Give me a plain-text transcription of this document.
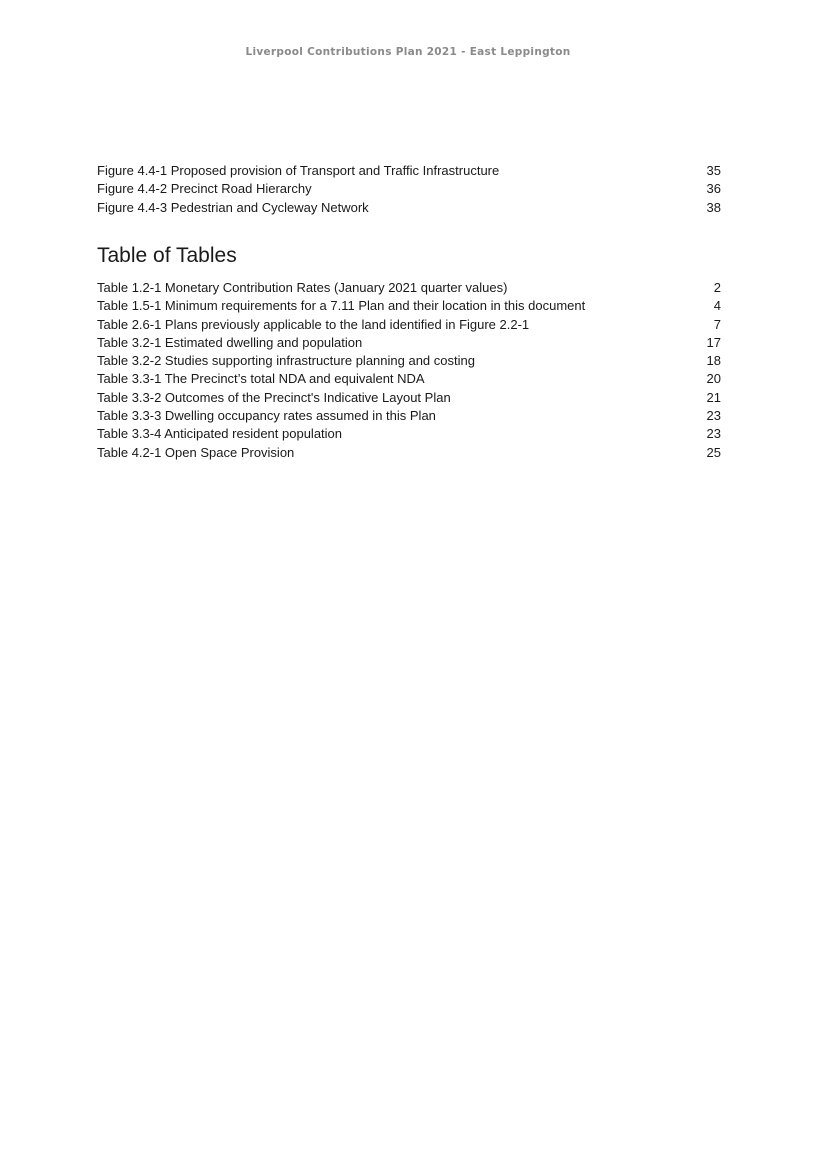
Liverpool Contributions Plan 2021 - East Leppington
Figure 4.4-1 Proposed provision of Transport and Traffic Infrastructure	35
Figure 4.4-2 Precinct Road Hierarchy	36
Figure 4.4-3 Pedestrian and Cycleway Network	38
Table of Tables
Table 1.2-1 Monetary Contribution Rates (January 2021 quarter values)	2
Table 1.5-1 Minimum requirements for a 7.11 Plan and their location in this document	4
Table 2.6-1 Plans previously applicable to the land identified in Figure 2.2-1	7
Table 3.2-1 Estimated dwelling and population	17
Table 3.2-2 Studies supporting infrastructure planning and costing	18
Table 3.3-1 The Precinct’s total NDA and equivalent NDA	20
Table 3.3-2 Outcomes of the Precinct's Indicative Layout Plan	21
Table 3.3-3 Dwelling occupancy rates assumed in this Plan	23
Table 3.3-4 Anticipated resident population	23
Table 4.2-1 Open Space Provision	25
